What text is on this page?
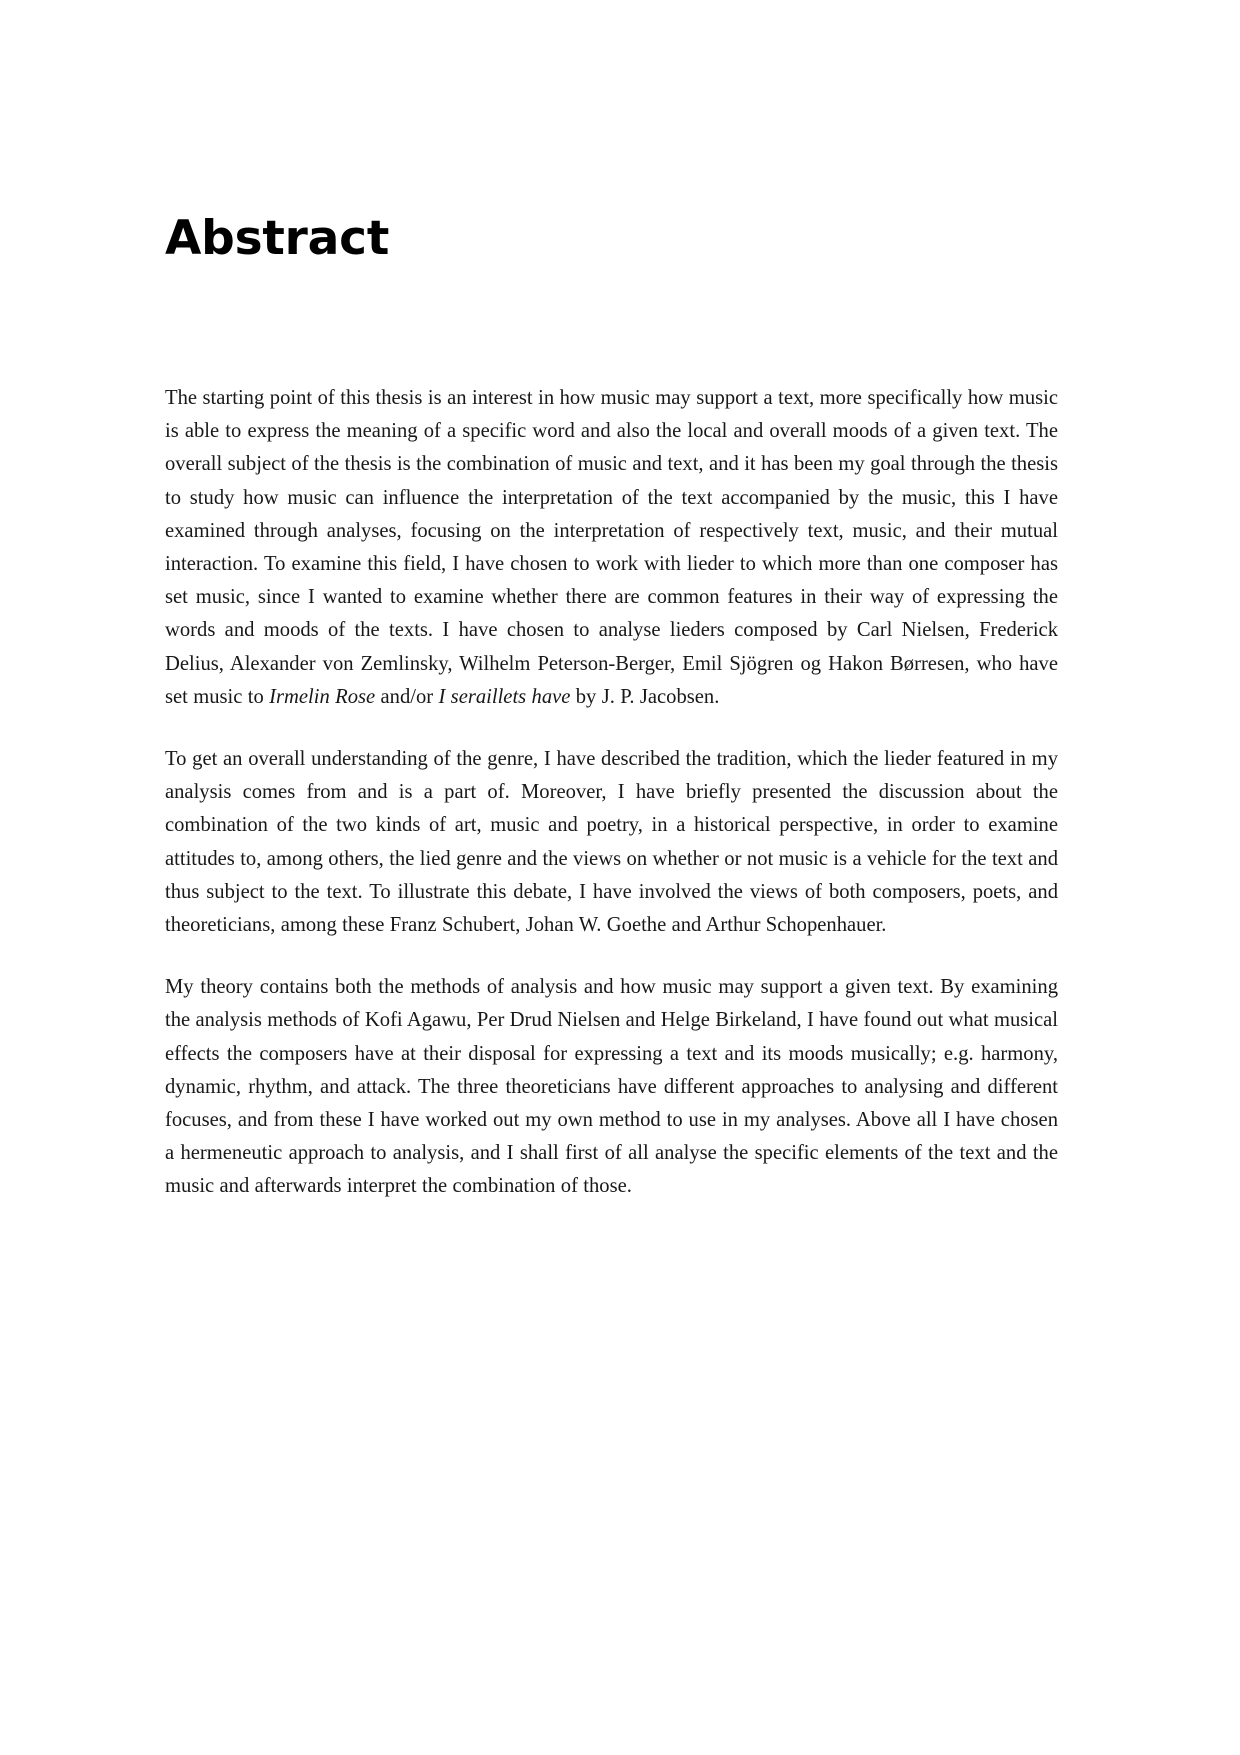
Abstract

The starting point of this thesis is an interest in how music may support a text, more specifically how music is able to express the meaning of a specific word and also the local and overall moods of a given text. The overall subject of the thesis is the combination of music and text, and it has been my goal through the thesis to study how music can influence the interpretation of the text accompanied by the music, this I have examined through analyses, focusing on the interpretation of respectively text, music, and their mutual interaction. To examine this field, I have chosen to work with lieder to which more than one composer has set music, since I wanted to examine whether there are common features in their way of expressing the words and moods of the texts. I have chosen to analyse lieders composed by Carl Nielsen, Frederick Delius, Alexander von Zemlinsky, Wilhelm Peterson-Berger, Emil Sjögren og Hakon Børresen, who have set music to Irmelin Rose and/or I seraillets have by J. P. Jacobsen.

To get an overall understanding of the genre, I have described the tradition, which the lieder featured in my analysis comes from and is a part of. Moreover, I have briefly presented the discussion about the combination of the two kinds of art, music and poetry, in a historical perspective, in order to examine attitudes to, among others, the lied genre and the views on whether or not music is a vehicle for the text and thus subject to the text. To illustrate this debate, I have involved the views of both composers, poets, and theoreticians, among these Franz Schubert, Johan W. Goethe and Arthur Schopenhauer.

My theory contains both the methods of analysis and how music may support a given text. By examining the analysis methods of Kofi Agawu, Per Drud Nielsen and Helge Birkeland, I have found out what musical effects the composers have at their disposal for expressing a text and its moods musically; e.g. harmony, dynamic, rhythm, and attack. The three theoreticians have different approaches to analysing and different focuses, and from these I have worked out my own method to use in my analyses. Above all I have chosen a hermeneutic approach to analysis, and I shall first of all analyse the specific elements of the text and the music and afterwards interpret the combination of those.
